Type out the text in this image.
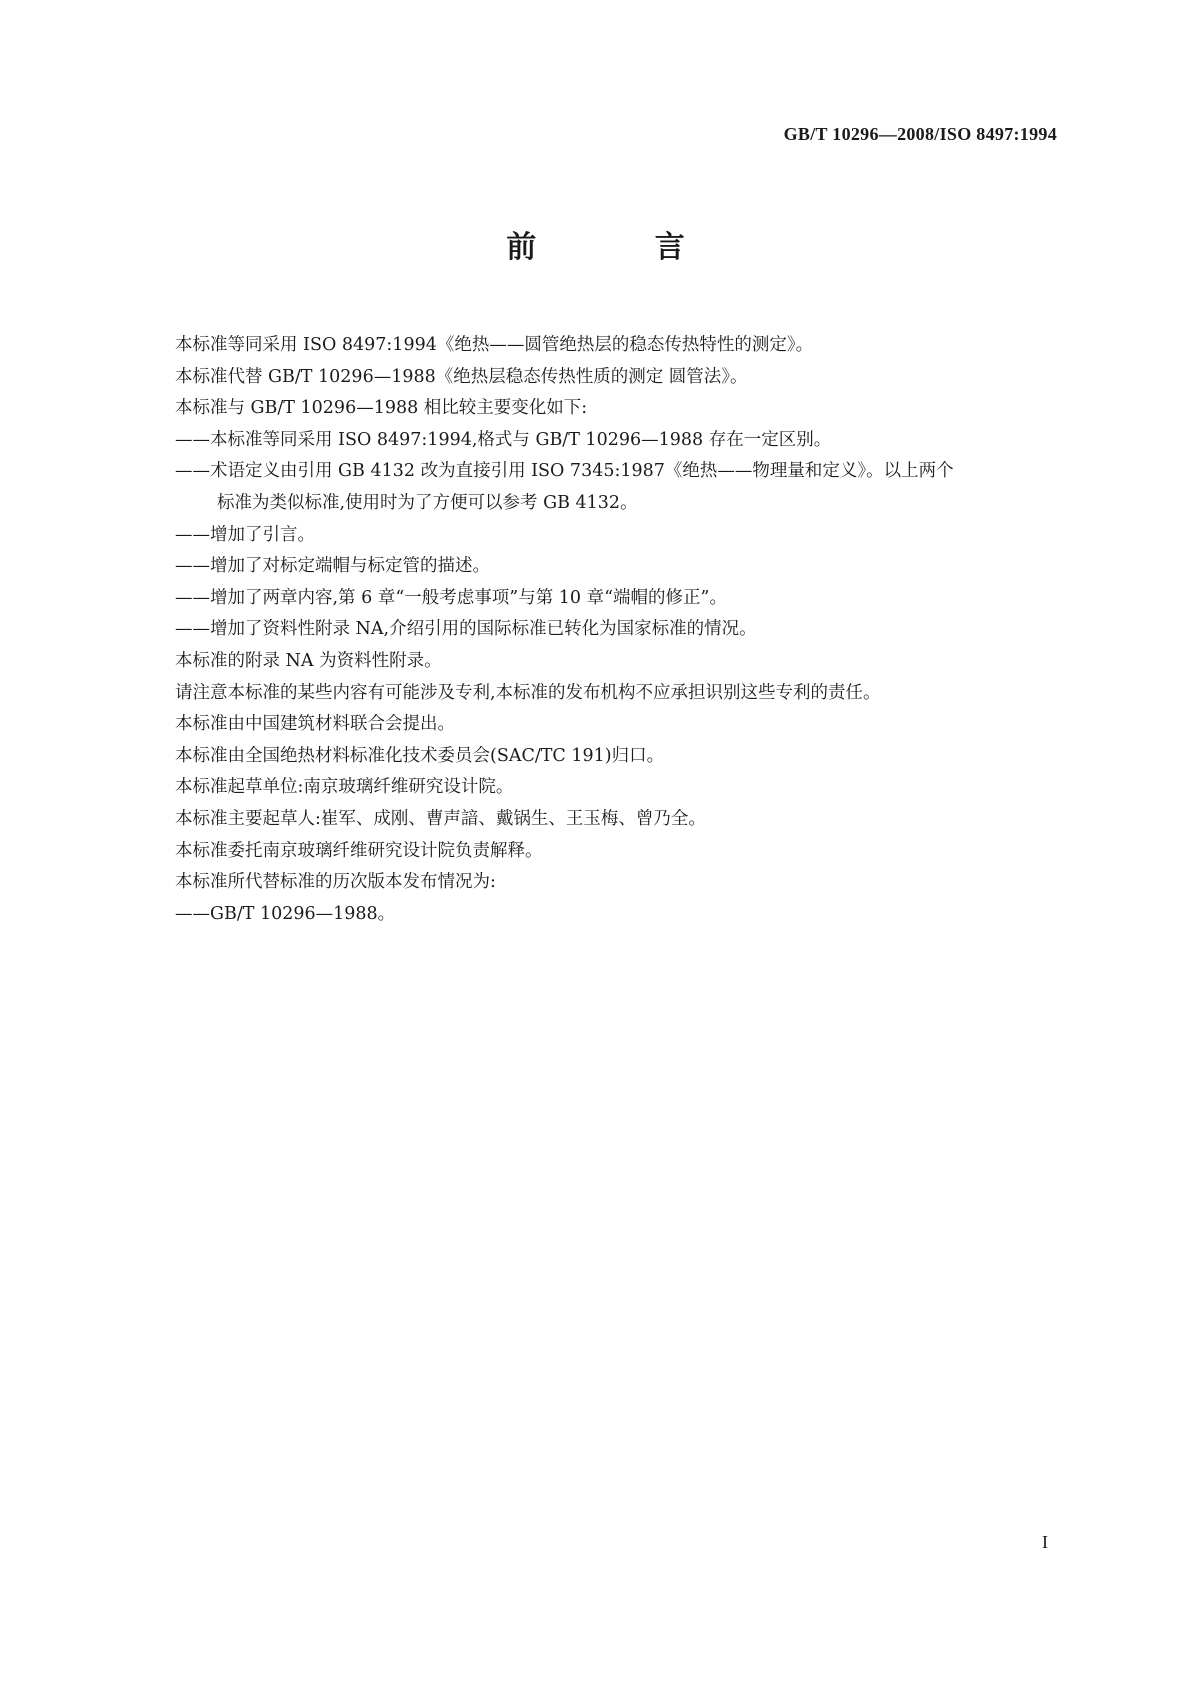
GB/T 10296—2008/ISO 8497:1994
前 言
本标准等同采用 ISO 8497:1994《绝热——圆管绝热层的稳态传热特性的测定》。
本标准代替 GB/T 10296—1988《绝热层稳态传热性质的测定 圆管法》。
本标准与 GB/T 10296—1988 相比较主要变化如下:
——本标准等同采用 ISO 8497:1994,格式与 GB/T 10296—1988 存在一定区别。
——术语定义由引用 GB 4132 改为直接引用 ISO 7345:1987《绝热——物理量和定义》。以上两个
标准为类似标准,使用时为了方便可以参考 GB 4132。
——增加了引言。
——增加了对标定端帽与标定管的描述。
——增加了两章内容,第 6 章“一般考虑事项”与第 10 章“端帽的修正”。
——增加了资料性附录 NA,介绍引用的国际标准已转化为国家标准的情况。
本标准的附录 NA 为资料性附录。
请注意本标准的某些内容有可能涉及专利,本标准的发布机构不应承担识别这些专利的责任。
本标准由中国建筑材料联合会提出。
本标准由全国绝热材料标准化技术委员会(SAC/TC 191)归口。
本标准起草单位:南京玻璃纤维研究设计院。
本标准主要起草人:崔军、成刚、曹声諳、戴锅生、王玉梅、曾乃全。
本标准委托南京玻璃纤维研究设计院负责解释。
本标准所代替标准的历次版本发布情况为:
——GB/T 10296—1988。
I
